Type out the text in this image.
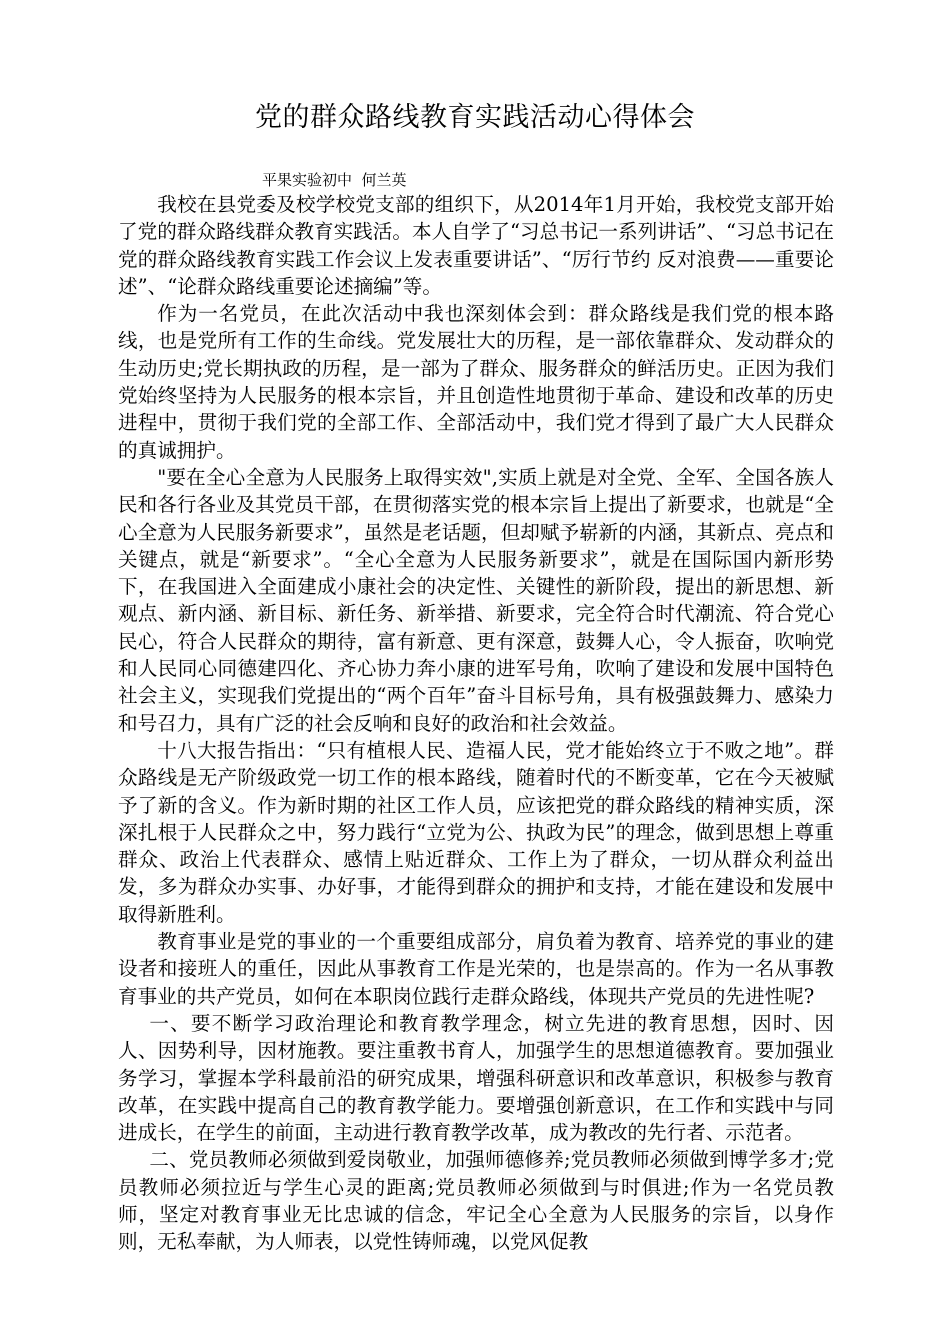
党的群众路线教育实践活动心得体会
平果实验初中  何兰英

我校在县党委及校学校党支部的组织下，从2014年1月开始，我校党支部开始了党的群众路线群众教育实践活。本人自学了“习总书记一系列讲话”、“习总书记在党的群众路线教育实践工作会议上发表重要讲话”、“厉行节约 反对浪费——重要论述”、“论群众路线重要论述摘编”等。

作为一名党员，在此次活动中我也深刻体会到：群众路线是我们党的根本路线，也是党所有工作的生命线。党发展壮大的历程，是一部依靠群众、发动群众的生动历史;党长期执政的历程，是一部为了群众、服务群众的鲜活历史。正因为我们党始终坚持为人民服务的根本宗旨，并且创造性地贯彻于革命、建设和改革的历史进程中，贯彻于我们党的全部工作、全部活动中，我们党才得到了最广大人民群众的真诚拥护。

"要在全心全意为人民服务上取得实效",实质上就是对全党、全军、全国各族人民和各行各业及其党员干部，在贯彻落实党的根本宗旨上提出了新要求，也就是“全心全意为人民服务新要求”，虽然是老话题，但却赋予崭新的内涵，其新点、亮点和关键点，就是“新要求”。“全心全意为人民服务新要求”，就是在国际国内新形势下，在我国进入全面建成小康社会的决定性、关键性的新阶段，提出的新思想、新观点、新内涵、新目标、新任务、新举措、新要求，完全符合时代潮流、符合党心民心，符合人民群众的期待，富有新意、更有深意，鼓舞人心，令人振奋，吹响党和人民同心同德建四化、齐心协力奔小康的进军号角，吹响了建设和发展中国特色社会主义，实现我们党提出的“两个百年”奋斗目标号角，具有极强鼓舞力、感染力和号召力，具有广泛的社会反响和良好的政治和社会效益。

十八大报告指出：“只有植根人民、造福人民，党才能始终立于不败之地”。群众路线是无产阶级政党一切工作的根本路线，随着时代的不断变革，它在今天被赋予了新的含义。作为新时期的社区工作人员，应该把党的群众路线的精神实质，深深扎根于人民群众之中，努力践行“立党为公、执政为民”的理念，做到思想上尊重群众、政治上代表群众、感情上贴近群众、工作上为了群众，一切从群众利益出发，多为群众办实事、办好事，才能得到群众的拥护和支持，才能在建设和发展中取得新胜利。

教育事业是党的事业的一个重要组成部分，肩负着为教育、培养党的事业的建设者和接班人的重任，因此从事教育工作是光荣的，也是崇高的。作为一名从事教育事业的共产党员，如何在本职岗位践行走群众路线，体现共产党员的先进性呢?

一、要不断学习政治理论和教育教学理念，树立先进的教育思想，因时、因人、因势利导，因材施教。要注重教书育人，加强学生的思想道德教育。要加强业务学习，掌握本学科最前沿的研究成果，增强科研意识和改革意识，积极参与教育改革，在实践中提高自己的教育教学能力。要增强创新意识，在工作和实践中与同进成长，在学生的前面，主动进行教育教学改革，成为教改的先行者、示范者。

二、党员教师必须做到爱岗敬业，加强师德修养;党员教师必须做到博学多才;党员教师必须拉近与学生心灵的距离;党员教师必须做到与时俱进;作为一名党员教师，坚定对教育事业无比忠诚的信念，牢记全心全意为人民服务的宗旨，以身作则，无私奉献，为人师表，以党性铸师魂，以党风促教
